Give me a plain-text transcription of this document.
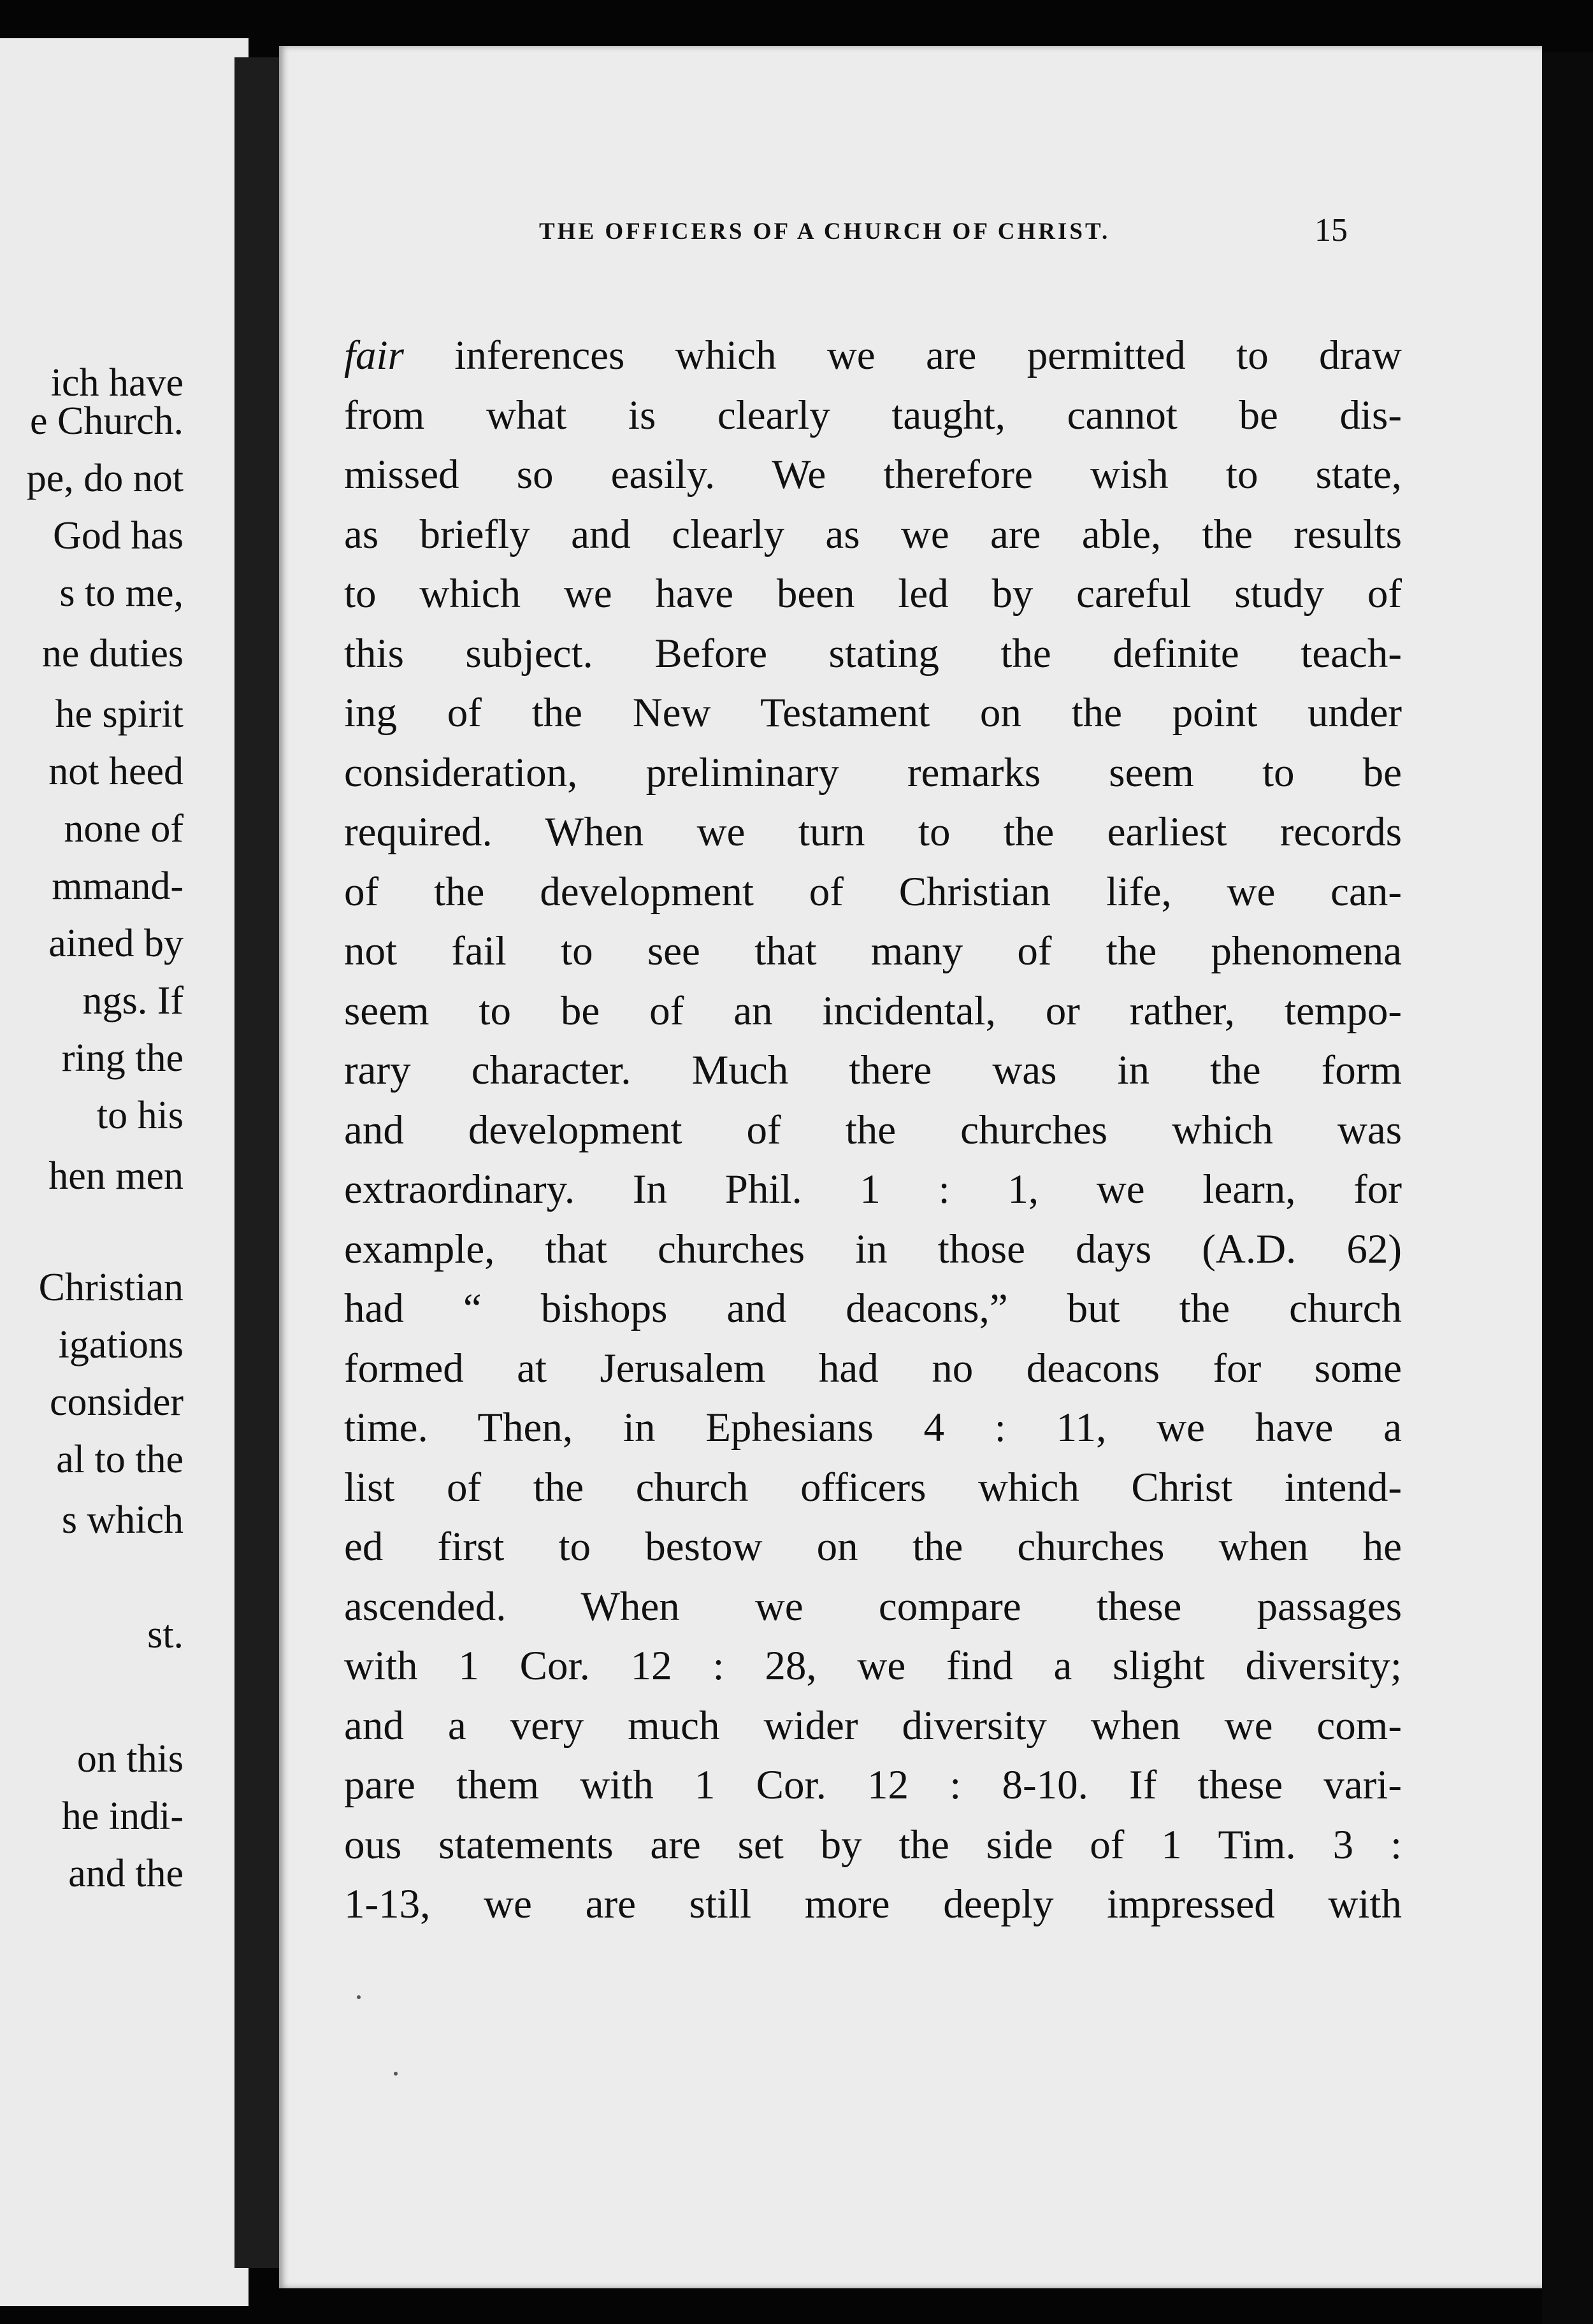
ich have
e Church.
pe, do not
God has
s to me,
ne duties
he spirit
not heed
none of
mmand-
ained by
ngs. If
ring the
to his
hen men
Christian
igations
consider
al to the
s which
st.
on this
he indi-
and the
THE OFFICERS OF A CHURCH OF CHRIST.	15
fair inferences which we are permitted to draw
from what is clearly taught, cannot be dis-
missed so easily. We therefore wish to state,
as briefly and clearly as we are able, the results
to which we have been led by careful study of
this subject. Before stating the definite teach-
ing of the New Testament on the point under
consideration, preliminary remarks seem to be
required. When we turn to the earliest records
of the development of Christian life, we can-
not fail to see that many of the phenomena
seem to be of an incidental, or rather, tempo-
rary character. Much there was in the form
and development of the churches which was
extraordinary. In Phil. 1 : 1, we learn, for
example, that churches in those days (A.D. 62)
had “ bishops and deacons,” but the church
formed at Jerusalem had no deacons for some
time. Then, in Ephesians 4 : 11, we have a
list of the church officers which Christ intend-
ed first to bestow on the churches when he
ascended. When we compare these passages
with 1 Cor. 12 : 28, we find a slight diversity;
and a very much wider diversity when we com-
pare them with 1 Cor. 12 : 8-10. If these vari-
ous statements are set by the side of 1 Tim. 3 :
1-13, we are still more deeply impressed with
